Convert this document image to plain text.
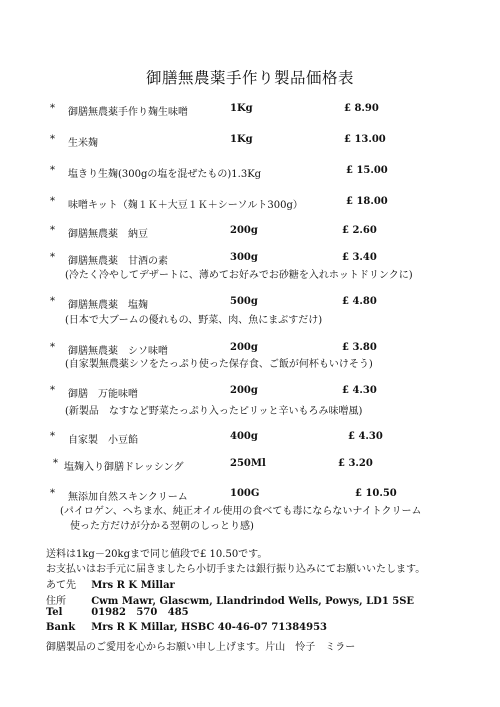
御膳無農薬手作り製品価格表
* 御膳無農薬手作り麹生味噌	1Kg	£ 8.90
* 生米麹	1Kg	£ 13.00
* 塩きり生麹(300gの塩を混ぜたもの)1.3Kg	£ 15.00
* 味噌キット（麹１Ｋ＋大豆１Ｋ＋シーソルト300g）	£ 18.00
* 御膳無農薬　納豆	200g	£ 2.60
* 御膳無農薬　甘酒の素	300g	£ 3.40
(冷たく冷やしてデザートに、薄めてお好みでお砂糖を入れホットドリンクに)
* 御膳無農薬　塩麹	500g	£ 4.80
(日本で大ブームの優れもの、野菜、肉、魚にまぶすだけ)
* 御膳無農薬　シソ味噌	200g	£ 3.80
(自家製無農薬シソをたっぷり使った保存食、ご飯が何杯もいけそう)
* 御膳　万能味噌	200g	£ 4.30
(新製品　なすなど野菜たっぷり入ったピリッと辛いもろみ味噌風)
* 自家製　小豆餡	400g	£ 4.30
* 塩麹入り御膳ドレッシング	250Ml	£ 3.20
* 無添加自然スキンクリーム	100G	£ 10.50
(パイロゲン、へちま水、純正オイル使用の食べても毒にならないナイトクリーム
使った方だけが分かる翌朝のしっとり感)
送料は1kg－20kgまで同じ値段で£ 10.50です。
お支払いはお手元に届きましたら小切手または銀行振り込みにてお願いいたします。
あて先 Mrs R K Millar
住所	Cwm Mawr, Glascwm, Llandrindod Wells, Powys, LD1 5SE
Tel	01982   570   485
Bank Mrs R K Millar, HSBC 40-46-07 71384953
御膳製品のご愛用を心からお願い申し上げます。片山　怜子　ミラー
